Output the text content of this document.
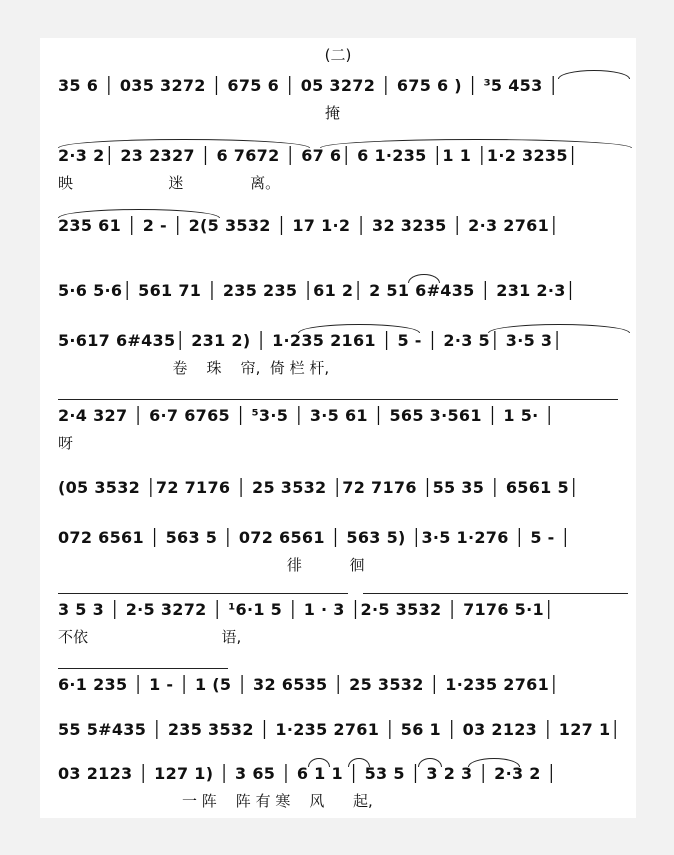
(二)
35 6 │ 035 3272 │ 675 6 │ 05 3272 │ 675 6 ) │ ³5 453 │
掩
2·3 2│ 23 2327 │ 6 7672 │ 67 6│ 6 1·235 │1 1 │1·2 3235│
映                    迷              离。
235 61 │ 2 - │ 2(5 3532 │ 17 1·2 │ 32 3235 │ 2·3 2761│
5·6 5·6│ 561 71 │ 235 235 │61 2│ 2 51 6#435 │ 231 2·3│
5·617 6#435│ 231 2) │ 1·235 2161 │ 5 - │ 2·3 5│ 3·5 3│
卷    珠    帘,  倚 栏 杆,
2·4 327 │ 6·7 6765 │ ⁵3·5 │ 3·5 61 │ 565 3·561 │ 1 5· │
呀
(05 3532 │72 7176 │ 25 3532 │72 7176 │55 35 │ 6561 5│
072 6561 │ 563 5 │ 072 6561 │ 563 5) │3·5 1·276 │ 5 - │
徘          徊
3 5 3 │ 2·5 3272 │ ¹6·1 5 │ 1 · 3 │2·5 3532 │ 7176 5·1│
不依                            语,
6·1 235 │ 1 - │ 1 (5 │ 32 6535 │ 25 3532 │ 1·235 2761│
55 5#435 │ 235 3532 │ 1·235 2761 │ 56 1 │ 03 2123 │ 127 1│
03 2123 │ 127 1) │ 3 65 │ 6 1 1 │ 53 5 │ 3 2 3 │ 2·3 2 │
一 阵    阵 有 寒    风      起,
